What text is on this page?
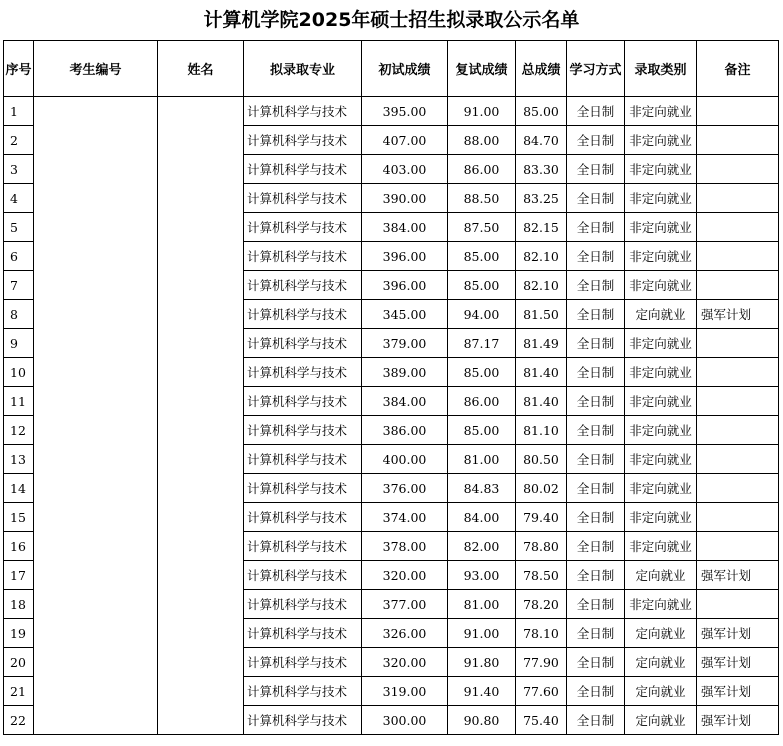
计算机学院2025年硕士招生拟录取公示名单
序号	考生编号	姓名	拟录取专业	初试成绩	复试成绩	总成绩	学习方式	录取类别	备注
1			计算机科学与技术	395.00	91.00	85.00	全日制	非定向就业	
2			计算机科学与技术	407.00	88.00	84.70	全日制	非定向就业	
3			计算机科学与技术	403.00	86.00	83.30	全日制	非定向就业	
4			计算机科学与技术	390.00	88.50	83.25	全日制	非定向就业	
5			计算机科学与技术	384.00	87.50	82.15	全日制	非定向就业	
6			计算机科学与技术	396.00	85.00	82.10	全日制	非定向就业	
7			计算机科学与技术	396.00	85.00	82.10	全日制	非定向就业	
8			计算机科学与技术	345.00	94.00	81.50	全日制	定向就业	强军计划
9			计算机科学与技术	379.00	87.17	81.49	全日制	非定向就业	
10			计算机科学与技术	389.00	85.00	81.40	全日制	非定向就业	
11			计算机科学与技术	384.00	86.00	81.40	全日制	非定向就业	
12			计算机科学与技术	386.00	85.00	81.10	全日制	非定向就业	
13			计算机科学与技术	400.00	81.00	80.50	全日制	非定向就业	
14			计算机科学与技术	376.00	84.83	80.02	全日制	非定向就业	
15			计算机科学与技术	374.00	84.00	79.40	全日制	非定向就业	
16			计算机科学与技术	378.00	82.00	78.80	全日制	非定向就业	
17			计算机科学与技术	320.00	93.00	78.50	全日制	定向就业	强军计划
18			计算机科学与技术	377.00	81.00	78.20	全日制	非定向就业	
19			计算机科学与技术	326.00	91.00	78.10	全日制	定向就业	强军计划
20			计算机科学与技术	320.00	91.80	77.90	全日制	定向就业	强军计划
21			计算机科学与技术	319.00	91.40	77.60	全日制	定向就业	强军计划
22			计算机科学与技术	300.00	90.80	75.40	全日制	定向就业	强军计划
